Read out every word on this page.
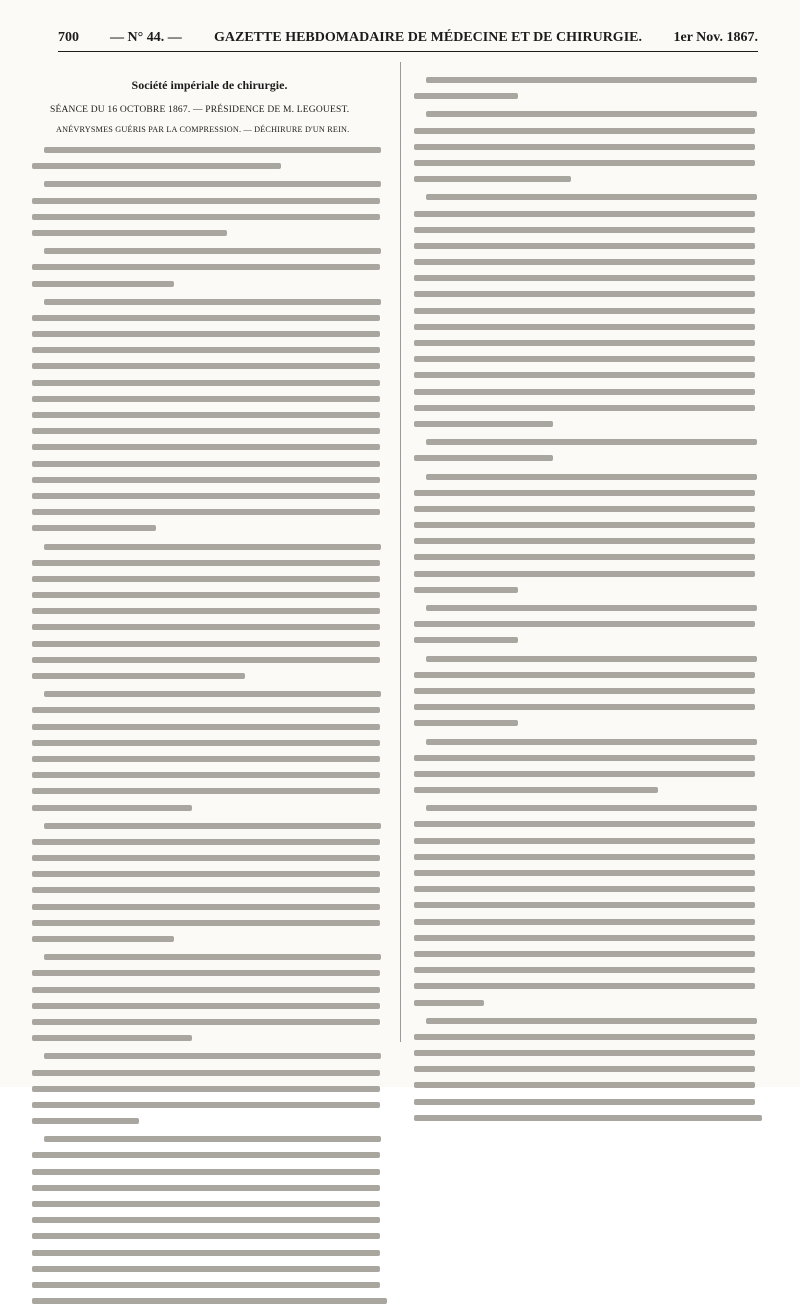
700 — N° 44. — GAZETTE HEBDOMADAIRE DE MÉDECINE ET DE CHIRURGIE. 1er Nov. 1867.
Société impériale de chirurgie.
SÉANCE DU 16 OCTOBRE 1867. — PRÉSIDENCE DE M. LEGOUEST.
ANÉVRYSMES GUÉRIS PAR LA COMPRESSION. — DÉCHIRURE D'UN REIN.
